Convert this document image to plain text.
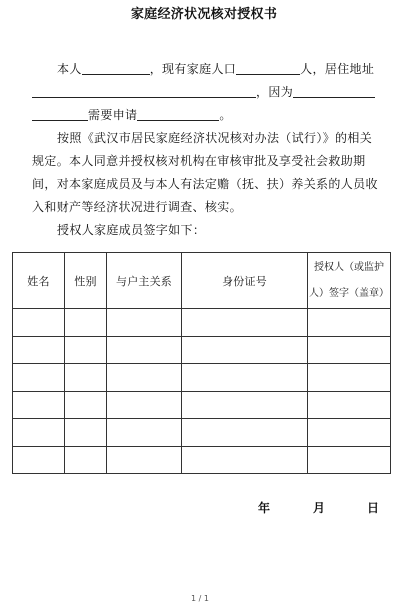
家庭经济状况核对授权书
本人	，现有家庭人口	人，居住地址
，因为
需要申请	。
按照《武汉市居民家庭经济状况核对办法（试行）》的相关
规定。本人同意并授权核对机构在审核审批及享受社会救助期
间，对本家庭成员及与本人有法定赡（抚、扶）养关系的人员收
入和财产等经济状况进行调查、核实。
授权人家庭成员签字如下：
姓名	性别	与户主关系	身份证号	授权人（或监护
人）签字（盖章）

年	月	日
1 / 1
